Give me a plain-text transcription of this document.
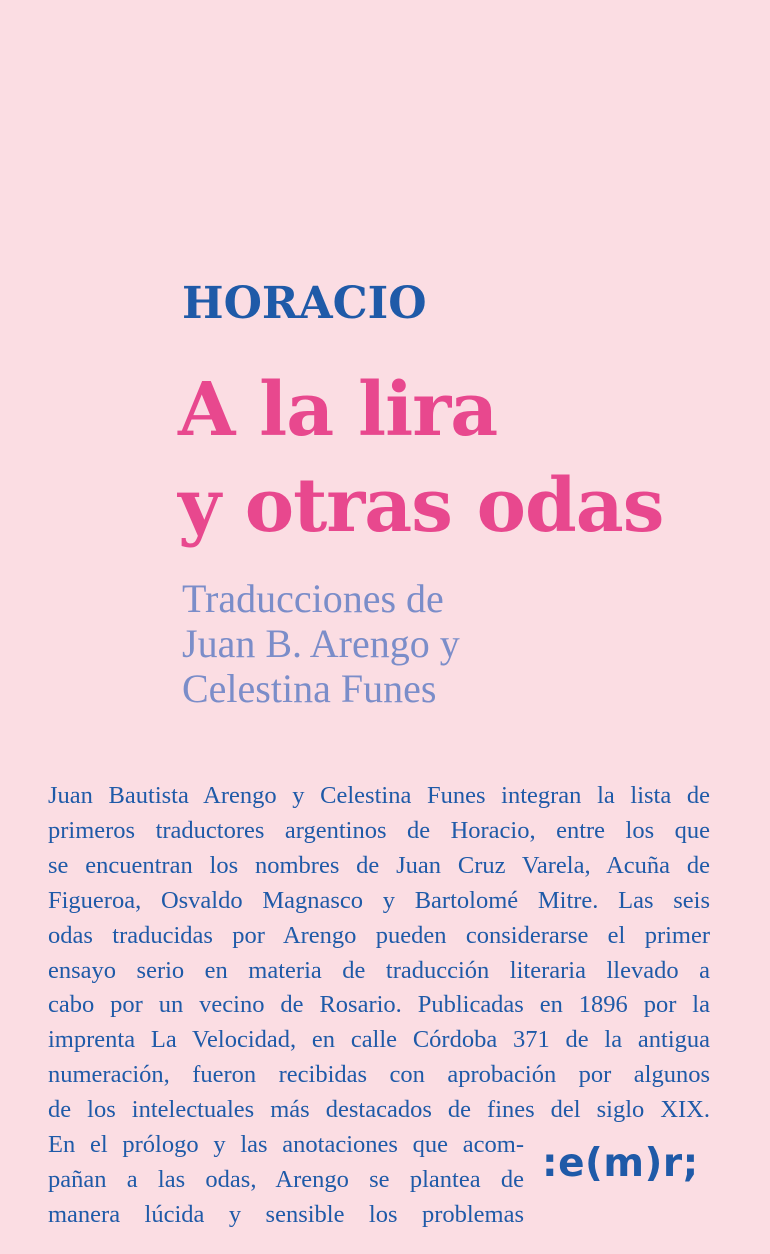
HORACIO
A la lira
y otras odas
Traducciones de
Juan B. Arengo y
Celestina Funes
Juan Bautista Arengo y Celestina Funes integran la lista de
primeros traductores argentinos de Horacio, entre los que
se encuentran los nombres de Juan Cruz Varela, Acuña de
Figueroa, Osvaldo Magnasco y Bartolomé Mitre. Las seis
odas traducidas por Arengo pueden considerarse el primer
ensayo serio en materia de traducción literaria llevado a
cabo por un vecino de Rosario. Publicadas en 1896 por la
imprenta La Velocidad, en calle Córdoba 371 de la antigua
numeración, fueron recibidas con aprobación por algunos
de los intelectuales más destacados de fines del siglo XIX.
En el prólogo y las anotaciones que acom-
pañan a las odas, Arengo se plantea de
manera lúcida y sensible los problemas
:e(m)r;
